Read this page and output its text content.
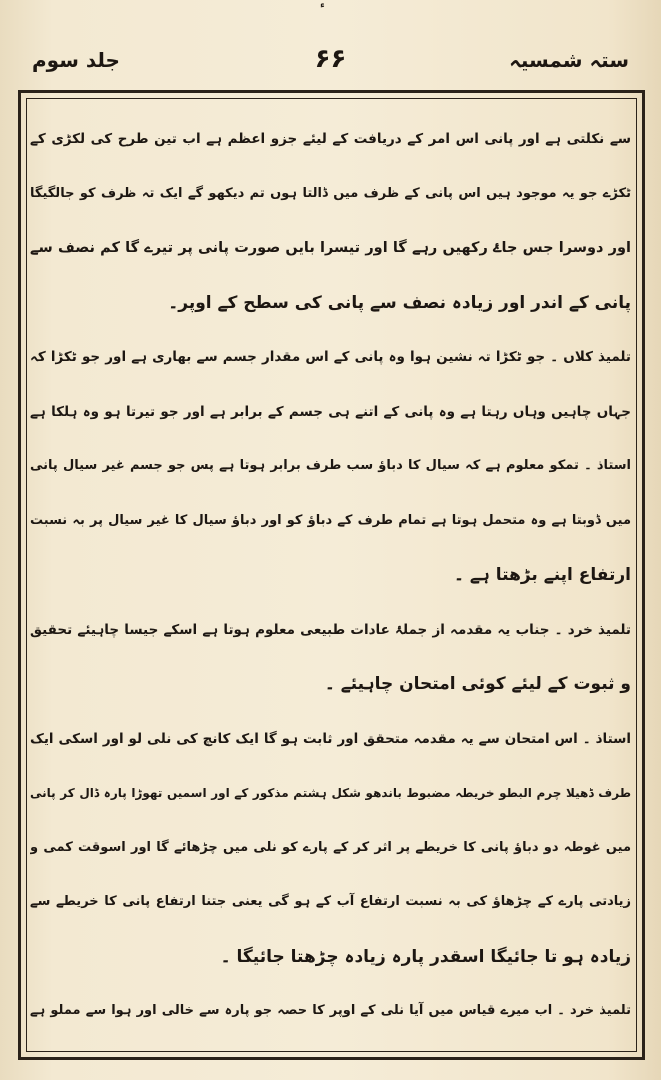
ستہ شمسیہ
۶۶
جلد سوم
سے نکلتی ہے اور پانی اس امر کے دریافت کے لیئے جزو اعظم ہے اب تین طرح کی لکڑی کے
ٹکڑے جو یہ موجود ہیں اس پانی کے ظرف میں ڈالتا ہوں تم دیکھو گے ایک تہ ظرف کو جالگیگا
اور دوسرا جس جاۓ رکھیں رہے گا اور تیسرا بایں صورت پانی پر تیرے گا کم نصف سے
پانی کے اندر اور زیادہ نصف سے پانی کی سطح کے اوپر۔
تلمیذ کلاں ۔ جو ٹکڑا تہ نشین ہوا وہ پانی کے اس مقدار جسم سے بھاری ہے اور جو ٹکڑا کہ
جہاں چاہیں وہاں رہتا ہے وہ پانی کے اتنے ہی جسم کے برابر ہے اور جو تیرتا ہو وہ ہلکا ہے
استاذ ۔ تمکو معلوم ہے کہ سیال کا دباؤ سب طرف برابر ہوتا ہے پس جو جسم غیر سیال پانی
میں ڈوبتا ہے وہ متحمل ہوتا ہے تمام طرف کے دباؤ کو اور دباؤ سیال کا غیر سیال پر بہ نسبت
ارتفاع اپنے بڑھتا ہے ۔
تلمیذ خرد ۔ جناب یہ مقدمہ از جملۂ عادات طبیعی معلوم ہوتا ہے اسکے جیسا چاہیئے تحقیق
و ثبوت کے لیئے کوئی امتحان چاہیئے ۔
استاذ ۔ اس امتحان سے یہ مقدمہ متحقق اور ثابت ہو گا ایک کانچ کی نلی لو اور اسکی ایک
طرف ڈھیلا چرم البطو خریطہ مضبوط باندھو شکل ہشتم مذکور کے اور اسمیں تھوڑا پارہ ڈال کر پانی
میں غوطہ دو دباؤ پانی کا خریطے پر اثر کر کے پارے کو نلی میں چڑھائے گا اور اسوقت کمی و
زیادتی پارے کے چڑھاؤ کی بہ نسبت ارتفاع آب کے ہو گی یعنی جتنا ارتفاع پانی کا خریطے سے
زیادہ ہو تا جائیگا اسقدر پارہ زیادہ چڑھتا جائیگا ۔
تلمیذ خرد ۔ اب میرے قیاس میں آیا نلی کے اوپر کا حصہ جو پارہ سے خالی اور ہوا سے مملو ہے
